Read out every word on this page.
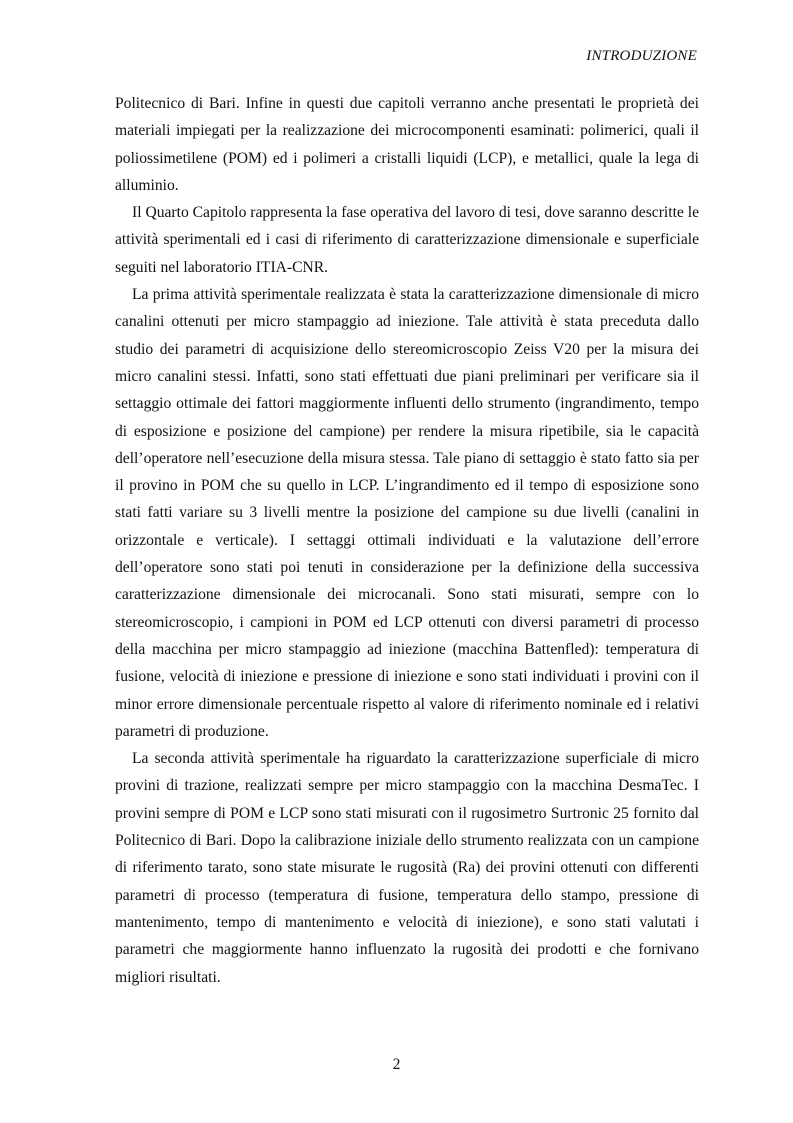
INTRODUZIONE

Politecnico di Bari. Infine in questi due capitoli verranno anche presentati le proprietà dei materiali impiegati per la realizzazione dei microcomponenti esaminati: polimerici, quali il poliossimetilene (POM) ed i polimeri a cristalli liquidi (LCP), e metallici, quale la lega di alluminio.

Il Quarto Capitolo rappresenta la fase operativa del lavoro di tesi, dove saranno descritte le attività sperimentali ed i casi di riferimento di caratterizzazione dimensionale e superficiale seguiti nel laboratorio ITIA-CNR.

La prima attività sperimentale realizzata è stata la caratterizzazione dimensionale di micro canalini ottenuti per micro stampaggio ad iniezione. Tale attività è stata preceduta dallo studio dei parametri di acquisizione dello stereomicroscopio Zeiss V20 per la misura dei micro canalini stessi. Infatti, sono stati effettuati due piani preliminari per verificare sia il settaggio ottimale dei fattori maggiormente influenti dello strumento (ingrandimento, tempo di esposizione e posizione del campione) per rendere la misura ripetibile, sia le capacità dell’operatore nell’esecuzione della misura stessa. Tale piano di settaggio è stato fatto sia per il provino in POM che su quello in LCP. L’ingrandimento ed il tempo di esposizione sono stati fatti variare su 3 livelli mentre la posizione del campione su due livelli (canalini in orizzontale e verticale). I settaggi ottimali individuati e la valutazione dell’errore dell’operatore sono stati poi tenuti in considerazione per la definizione della successiva caratterizzazione dimensionale dei microcanali. Sono stati misurati, sempre con lo stereomicroscopio, i campioni in POM ed LCP ottenuti con diversi parametri di processo della macchina per micro stampaggio ad iniezione (macchina Battenfled): temperatura di fusione, velocità di iniezione e pressione di iniezione e sono stati individuati i provini con il minor errore dimensionale percentuale rispetto al valore di riferimento nominale ed i relativi parametri di produzione.

La seconda attività sperimentale ha riguardato la caratterizzazione superficiale di micro provini di trazione, realizzati sempre per micro stampaggio con la macchina DesmaTec. I provini sempre di POM e LCP sono stati misurati con il rugosimetro Surtronic 25 fornito dal Politecnico di Bari. Dopo la calibrazione iniziale dello strumento realizzata con un campione di riferimento tarato, sono state misurate le rugosità (Ra) dei provini ottenuti con differenti parametri di processo (temperatura di fusione, temperatura dello stampo, pressione di mantenimento, tempo di mantenimento e velocità di iniezione), e sono stati valutati i parametri che maggiormente hanno influenzato la rugosità dei prodotti e che fornivano migliori risultati.

2
